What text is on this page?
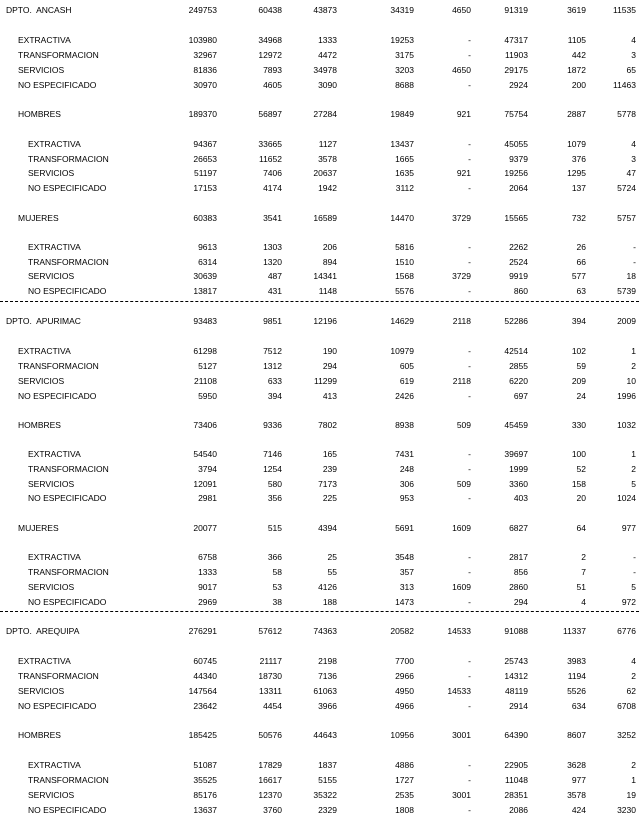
DPTO.  ANCASH	249753	60438	43873	34319	4650	91319	3619	11535
EXTRACTIVA	103980	34968	1333	19253	-	47317	1105	4
TRANSFORMACION	32967	12972	4472	3175	-	11903	442	3
SERVICIOS	81836	7893	34978	3203	4650	29175	1872	65
NO ESPECIFICADO	30970	4605	3090	8688	-	2924	200	11463
HOMBRES	189370	56897	27284	19849	921	75754	2887	5778
EXTRACTIVA	94367	33665	1127	13437	-	45055	1079	4
TRANSFORMACION	26653	11652	3578	1665	-	9379	376	3
SERVICIOS	51197	7406	20637	1635	921	19256	1295	47
NO ESPECIFICADO	17153	4174	1942	3112	-	2064	137	5724
MUJERES	60383	3541	16589	14470	3729	15565	732	5757
EXTRACTIVA	9613	1303	206	5816	-	2262	26	-
TRANSFORMACION	6314	1320	894	1510	-	2524	66	-
SERVICIOS	30639	487	14341	1568	3729	9919	577	18
NO ESPECIFICADO	13817	431	1148	5576	-	860	63	5739
DPTO.  APURIMAC	93483	9851	12196	14629	2118	52286	394	2009
EXTRACTIVA	61298	7512	190	10979	-	42514	102	1
TRANSFORMACION	5127	1312	294	605	-	2855	59	2
SERVICIOS	21108	633	11299	619	2118	6220	209	10
NO ESPECIFICADO	5950	394	413	2426	-	697	24	1996
HOMBRES	73406	9336	7802	8938	509	45459	330	1032
EXTRACTIVA	54540	7146	165	7431	-	39697	100	1
TRANSFORMACION	3794	1254	239	248	-	1999	52	2
SERVICIOS	12091	580	7173	306	509	3360	158	5
NO ESPECIFICADO	2981	356	225	953	-	403	20	1024
MUJERES	20077	515	4394	5691	1609	6827	64	977
EXTRACTIVA	6758	366	25	3548	-	2817	2	-
TRANSFORMACION	1333	58	55	357	-	856	7	-
SERVICIOS	9017	53	4126	313	1609	2860	51	5
NO ESPECIFICADO	2969	38	188	1473	-	294	4	972
DPTO.  AREQUIPA	276291	57612	74363	20582	14533	91088	11337	6776
EXTRACTIVA	60745	21117	2198	7700	-	25743	3983	4
TRANSFORMACION	44340	18730	7136	2966	-	14312	1194	2
SERVICIOS	147564	13311	61063	4950	14533	48119	5526	62
NO ESPECIFICADO	23642	4454	3966	4966	-	2914	634	6708
HOMBRES	185425	50576	44643	10956	3001	64390	8607	3252
EXTRACTIVA	51087	17829	1837	4886	-	22905	3628	2
TRANSFORMACION	35525	16617	5155	1727	-	11048	977	1
SERVICIOS	85176	12370	35322	2535	3001	28351	3578	19
NO ESPECIFICADO	13637	3760	2329	1808	-	2086	424	3230
